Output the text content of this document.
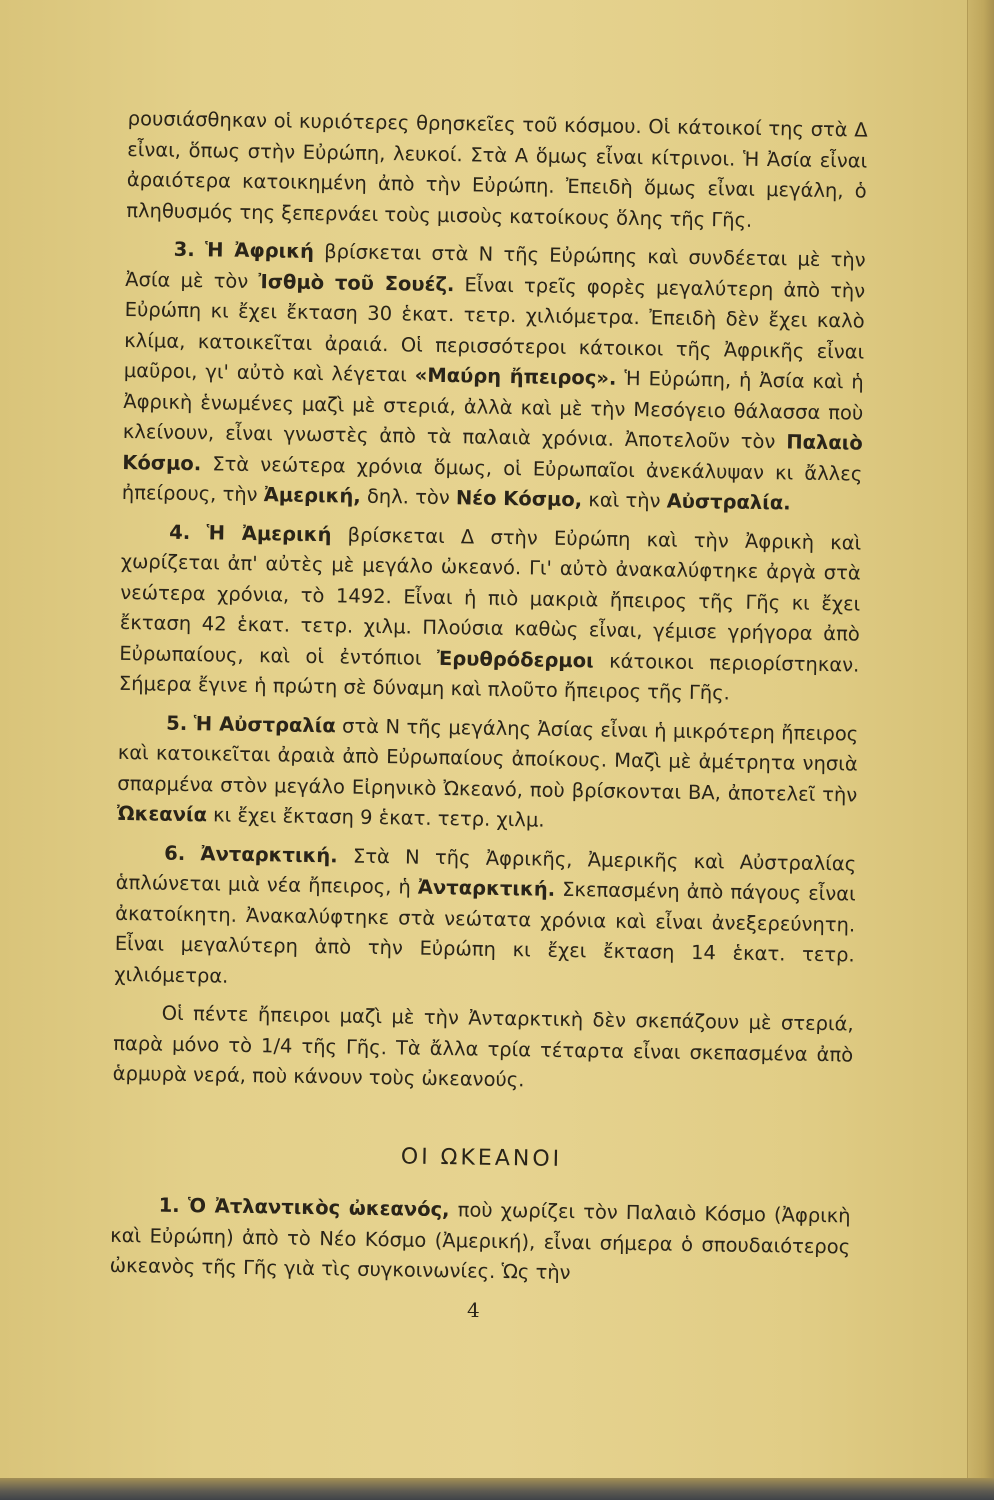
ρουσιάσθηκαν οἱ κυριότερες θρησκεῖες τοῦ κόσμου. Οἱ κάτοικοί της στὰ Δ εἶναι, ὅπως στὴν Εὐρώπη, λευκοί. Στὰ Α ὅμως εἶναι κίτρινοι. Ἡ Ἀσία εἶναι ἀραιότερα κατοικημένη ἀπὸ τὴν Εὐρώπη. Ἐπειδὴ ὅμως εἶναι μεγάλη, ὁ πληθυσμός της ξεπερνάει τοὺς μισοὺς κατοίκους ὅλης τῆς Γῆς.

3. Ἡ Ἀφρική βρίσκεται στὰ Ν τῆς Εὐρώπης καὶ συνδέεται μὲ τὴν Ἀσία μὲ τὸν Ἰσθμὸ τοῦ Σουέζ. Εἶναι τρεῖς φορὲς μεγαλύτερη ἀπὸ τὴν Εὐρώπη κι ἔχει ἔκταση 30 ἑκατ. τετρ. χιλιόμετρα. Ἐπειδὴ δὲν ἔχει καλὸ κλίμα, κατοικεῖται ἀραιά. Οἱ περισσότεροι κάτοικοι τῆς Ἀφρικῆς εἶναι μαῦροι, γι' αὐτὸ καὶ λέγεται «Μαύρη ἤπειρος». Ἡ Εὐρώπη, ἡ Ἀσία καὶ ἡ Ἀφρικὴ ἑνωμένες μαζὶ μὲ στεριά, ἀλλὰ καὶ μὲ τὴν Μεσόγειο θάλασσα ποὺ κλείνουν, εἶναι γνωστὲς ἀπὸ τὰ παλαιὰ χρόνια. Ἀποτελοῦν τὸν Παλαιὸ Κόσμο. Στὰ νεώτερα χρόνια ὅμως, οἱ Εὐρωπαῖοι ἀνεκάλυψαν κι ἄλλες ἠπείρους, τὴν Ἀμερική, δηλ. τὸν Νέο Κόσμο, καὶ τὴν Αὐστραλία.

4. Ἡ Ἀμερική βρίσκεται Δ στὴν Εὐρώπη καὶ τὴν Ἀφρικὴ καὶ χωρίζεται ἀπ' αὐτὲς μὲ μεγάλο ὠκεανό. Γι' αὐτὸ ἀνακαλύφτηκε ἀργὰ στὰ νεώτερα χρόνια, τὸ 1492. Εἶναι ἡ πιὸ μακριὰ ἤπειρος τῆς Γῆς κι ἔχει ἔκταση 42 ἑκατ. τετρ. χιλμ. Πλούσια καθὼς εἶναι, γέμισε γρήγορα ἀπὸ Εὐρωπαίους, καὶ οἱ ἐντόπιοι Ἐρυθρόδερμοι κάτοικοι περιορίστηκαν. Σήμερα ἔγινε ἡ πρώτη σὲ δύναμη καὶ πλοῦτο ἤπειρος τῆς Γῆς.

5. Ἡ Αὐστραλία στὰ Ν τῆς μεγάλης Ἀσίας εἶναι ἡ μικρότερη ἤπειρος καὶ κατοικεῖται ἀραιὰ ἀπὸ Εὐρωπαίους ἀποίκους. Μαζὶ μὲ ἀμέτρητα νησιὰ σπαρμένα στὸν μεγάλο Εἰρηνικὸ Ὠκεανό, ποὺ βρίσκονται ΒΑ, ἀποτελεῖ τὴν Ὠκεανία κι ἔχει ἔκταση 9 ἑκατ. τετρ. χιλμ.

6. Ἀνταρκτική. Στὰ Ν τῆς Ἀφρικῆς, Ἀμερικῆς καὶ Αὐστραλίας ἁπλώνεται μιὰ νέα ἤπειρος, ἡ Ἀνταρκτική. Σκεπασμένη ἀπὸ πάγους εἶναι ἀκατοίκητη. Ἀνακαλύφτηκε στὰ νεώτατα χρόνια καὶ εἶναι ἀνεξερεύνητη. Εἶναι μεγαλύτερη ἀπὸ τὴν Εὐρώπη κι ἔχει ἔκταση 14 ἑκατ. τετρ. χιλιόμετρα.

Οἱ πέντε ἤπειροι μαζὶ μὲ τὴν Ἀνταρκτικὴ δὲν σκεπάζουν μὲ στεριά, παρὰ μόνο τὸ 1/4 τῆς Γῆς. Τὰ ἄλλα τρία τέταρτα εἶναι σκεπασμένα ἀπὸ ἁρμυρὰ νερά, ποὺ κάνουν τοὺς ὠκεανούς.

ΟΙ ΩΚΕΑΝΟΙ

1. Ὁ Ἀτλαντικὸς ὠκεανός, ποὺ χωρίζει τὸν Παλαιὸ Κόσμο (Ἀφρικὴ καὶ Εὐρώπη) ἀπὸ τὸ Νέο Κόσμο (Ἀμερική), εἶναι σήμερα ὁ σπουδαιότερος ὠκεανὸς τῆς Γῆς γιὰ τὶς συγκοινωνίες. Ὡς τὴν

4
